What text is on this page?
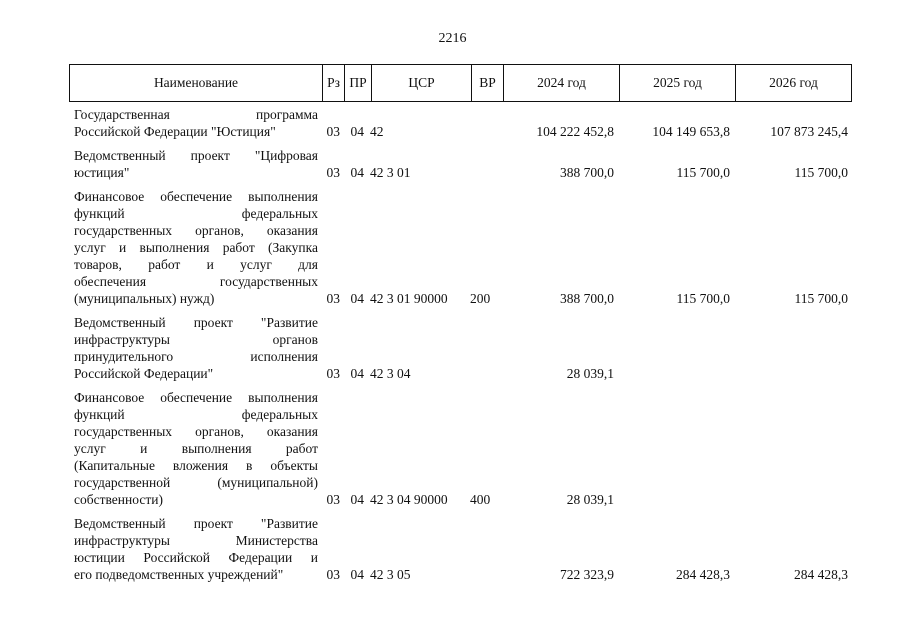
2216
Наименование	Рз	ПР	ЦСР	ВР	2024 год	2025 год	2026 год
Государственная программа
Российской Федерации "Юстиция"	03 04 42	104 222 452,8	104 149 653,8	107 873 245,4
Ведомственный проект "Цифровая
юстиция"	03 04 42 3 01	388 700,0	115 700,0	115 700,0
Финансовое обеспечение выполнения
функций федеральных
государственных органов, оказания
услуг и выполнения работ (Закупка
товаров, работ и услуг для
обеспечения государственных
(муниципальных) нужд)	03 04 42 3 01 90000	200	388 700,0	115 700,0	115 700,0
Ведомственный проект "Развитие
инфраструктуры органов
принудительного исполнения
Российской Федерации"	03 04 42 3 04	28 039,1
Финансовое обеспечение выполнения
функций федеральных
государственных органов, оказания
услуг и выполнения работ
(Капитальные вложения в объекты
государственной (муниципальной)
собственности)	03 04 42 3 04 90000	400	28 039,1
Ведомственный проект "Развитие
инфраструктуры Министерства
юстиции Российской Федерации и
его подведомственных учреждений"	03 04 42 3 05	722 323,9	284 428,3	284 428,3
